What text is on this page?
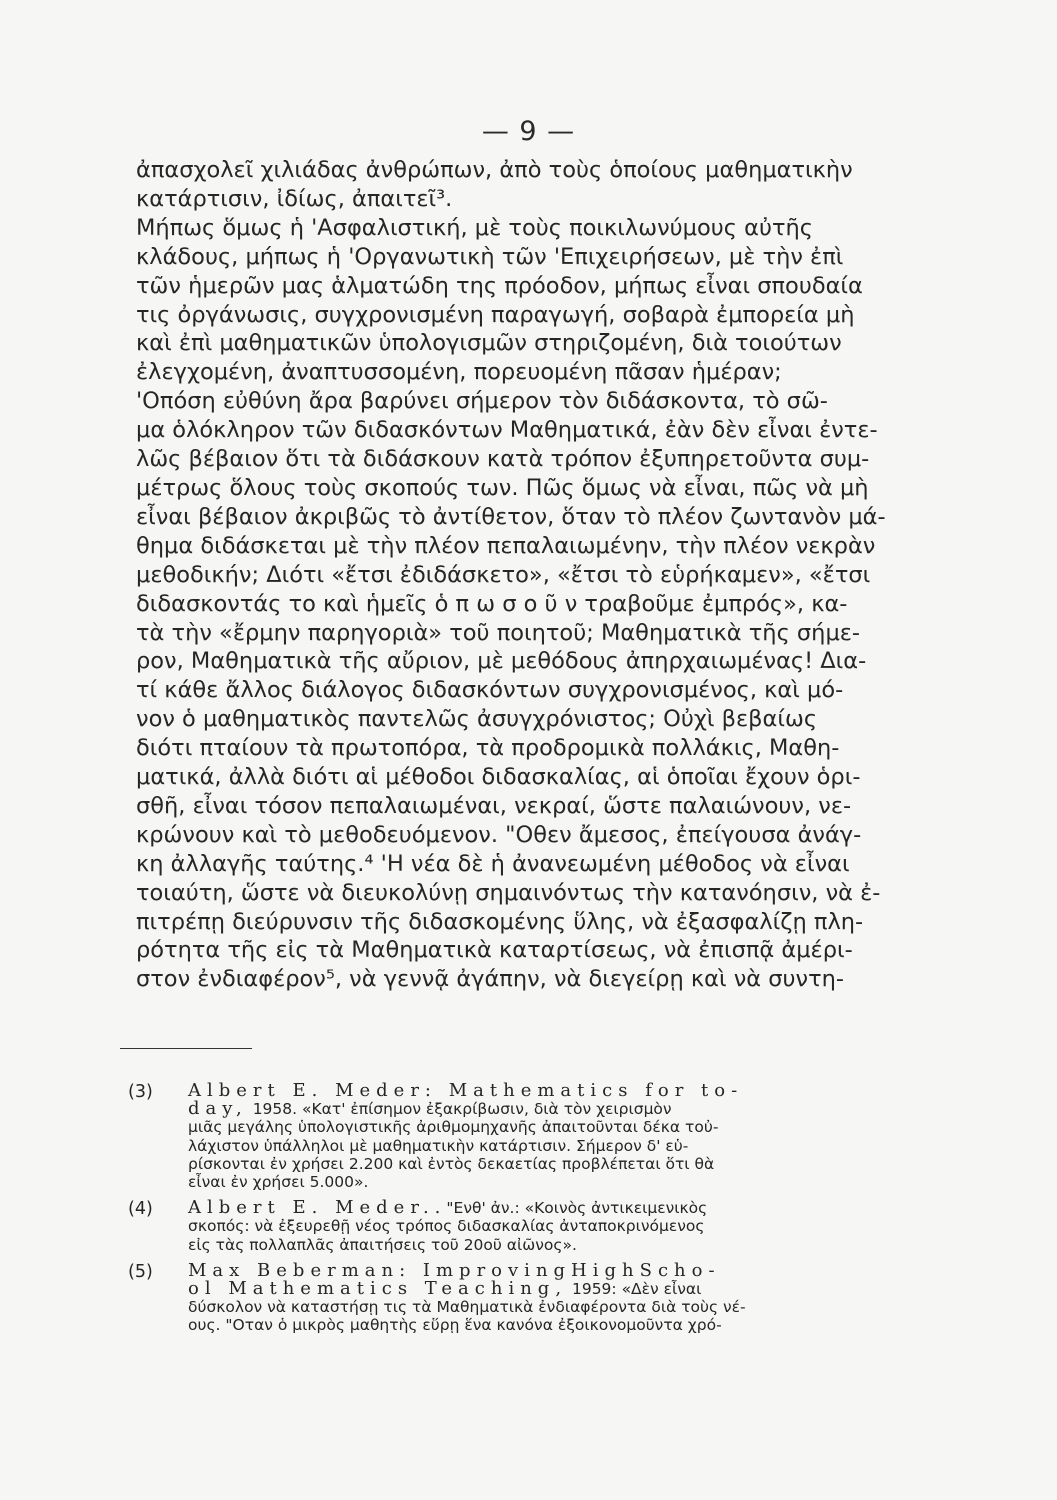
— 9 —
ἀπασχολεῖ χιλιάδας ἀνθρώπων, ἀπὸ τοὺς ὁποίους μαθηματικὴν
κατάρτισιν, ἰδίως, ἀπαιτεῖ³.
Μήπως ὅμως ἡ 'Ασφαλιστική, μὲ τοὺς ποικιλωνύμους αὐτῆς
κλάδους, μήπως ἡ 'Οργανωτικὴ τῶν 'Επιχειρήσεων, μὲ τὴν ἐπὶ
τῶν ἡμερῶν μας ἁλματώδη της πρόοδον, μήπως εἶναι σπουδαία
τις ὀργάνωσις, συγχρονισμένη παραγωγή, σοβαρὰ ἐμπορεία μὴ
καὶ ἐπὶ μαθηματικῶν ὑπολογισμῶν στηριζομένη, διὰ τοιούτων
ἐλεγχομένη, ἀναπτυσσομένη, πορευομένη πᾶσαν ἡμέραν;
'Οπόση εὐθύνη ἄρα βαρύνει σήμερον τὸν διδάσκοντα, τὸ σῶ-
μα ὁλόκληρον τῶν διδασκόντων Μαθηματικά, ἐὰν δὲν εἶναι ἐντε-
λῶς βέβαιον ὅτι τὰ διδάσκουν κατὰ τρόπον ἐξυπηρετοῦντα συμ-
μέτρως ὅλους τοὺς σκοπούς των. Πῶς ὅμως νὰ εἶναι, πῶς νὰ μὴ
εἶναι βέβαιον ἀκριβῶς τὸ ἀντίθετον, ὅταν τὸ πλέον ζωντανὸν μά-
θημα διδάσκεται μὲ τὴν πλέον πεπαλαιωμένην, τὴν πλέον νεκρὰν
μεθοδικήν; Διότι «ἔτσι ἐδιδάσκετο», «ἔτσι τὸ εὑρήκαμεν», «ἔτσι
διδασκοντάς το καὶ ἡμεῖς ὁ π ω σ ο ῦ ν τραβοῦμε ἐμπρός», κα-
τὰ τὴν «ἔρμην παρηγοριὰ» τοῦ ποιητοῦ; Μαθηματικὰ τῆς σήμε-
ρον, Μαθηματικὰ τῆς αὔριον, μὲ μεθόδους ἀπηρχαιωμένας! Δια-
τί κάθε ἄλλος διάλογος διδασκόντων συγχρονισμένος, καὶ μό-
νον ὁ μαθηματικὸς παντελῶς ἀσυγχρόνιστος; Οὐχὶ βεβαίως
διότι πταίουν τὰ πρωτοπόρα, τὰ προδρομικὰ πολλάκις, Μαθη-
ματικά, ἀλλὰ διότι αἱ μέθοδοι διδασκαλίας, αἱ ὁποῖαι ἔχουν ὁρι-
σθῆ, εἶναι τόσον πεπαλαιωμέναι, νεκραί, ὥστε παλαιώνουν, νε-
κρώνουν καὶ τὸ μεθοδευόμενον. "Οθεν ἄμεσος, ἐπείγουσα ἀνάγ-
κη ἀλλαγῆς ταύτης.⁴ 'Η νέα δὲ ἡ ἀνανεωμένη μέθοδος νὰ εἶναι
τοιαύτη, ὥστε νὰ διευκολύνῃ σημαινόντως τὴν κατανόησιν, νὰ ἐ-
πιτρέπῃ διεύρυνσιν τῆς διδασκομένης ὕλης, νὰ ἐξασφαλίζῃ πλη-
ρότητα τῆς εἰς τὰ Μαθηματικὰ καταρτίσεως, νὰ ἐπισπᾷ ἀμέρι-
στον ἐνδιαφέρον⁵, νὰ γεννᾷ ἀγάπην, νὰ διεγείρῃ καὶ νὰ συντη-
(3) Albert E. Meder: Mathematics for to-
day, 1958. «Κατ' ἐπίσημον ἐξακρίβωσιν, διὰ τὸν χειρισμὸν
μιᾶς μεγάλης ὑπολογιστικῆς ἀριθμομηχανῆς ἀπαιτοῦνται δέκα τοὐ-
λάχιστον ὑπάλληλοι μὲ μαθηματικὴν κατάρτισιν. Σήμερον δ' εὑ-
ρίσκονται ἐν χρήσει 2.200 καὶ ἐντὸς δεκαετίας προβλέπεται ὅτι θὰ
εἶναι ἐν χρήσει 5.000».
(4) Albert E. Meder.."Ενθ' ἀν.: «Κοινὸς ἀντικειμενικὸς
σκοπός: νὰ ἐξευρεθῇ νέος τρόπος διδασκαλίας ἀνταποκρινόμενος
εἰς τὰς πολλαπλᾶς ἀπαιτήσεις τοῦ 20οῦ αἰῶνος».
(5) Max Beberman: ImprovingHighScho-
ol Mathematics Teaching, 1959: «Δὲν εἶναι
δύσκολον νὰ καταστήσῃ τις τὰ Μαθηματικὰ ἐνδιαφέροντα διὰ τοὺς νέ-
ους. "Οταν ὁ μικρὸς μαθητὴς εὕρῃ ἕνα κανόνα ἐξοικονομοῦντα χρό-
